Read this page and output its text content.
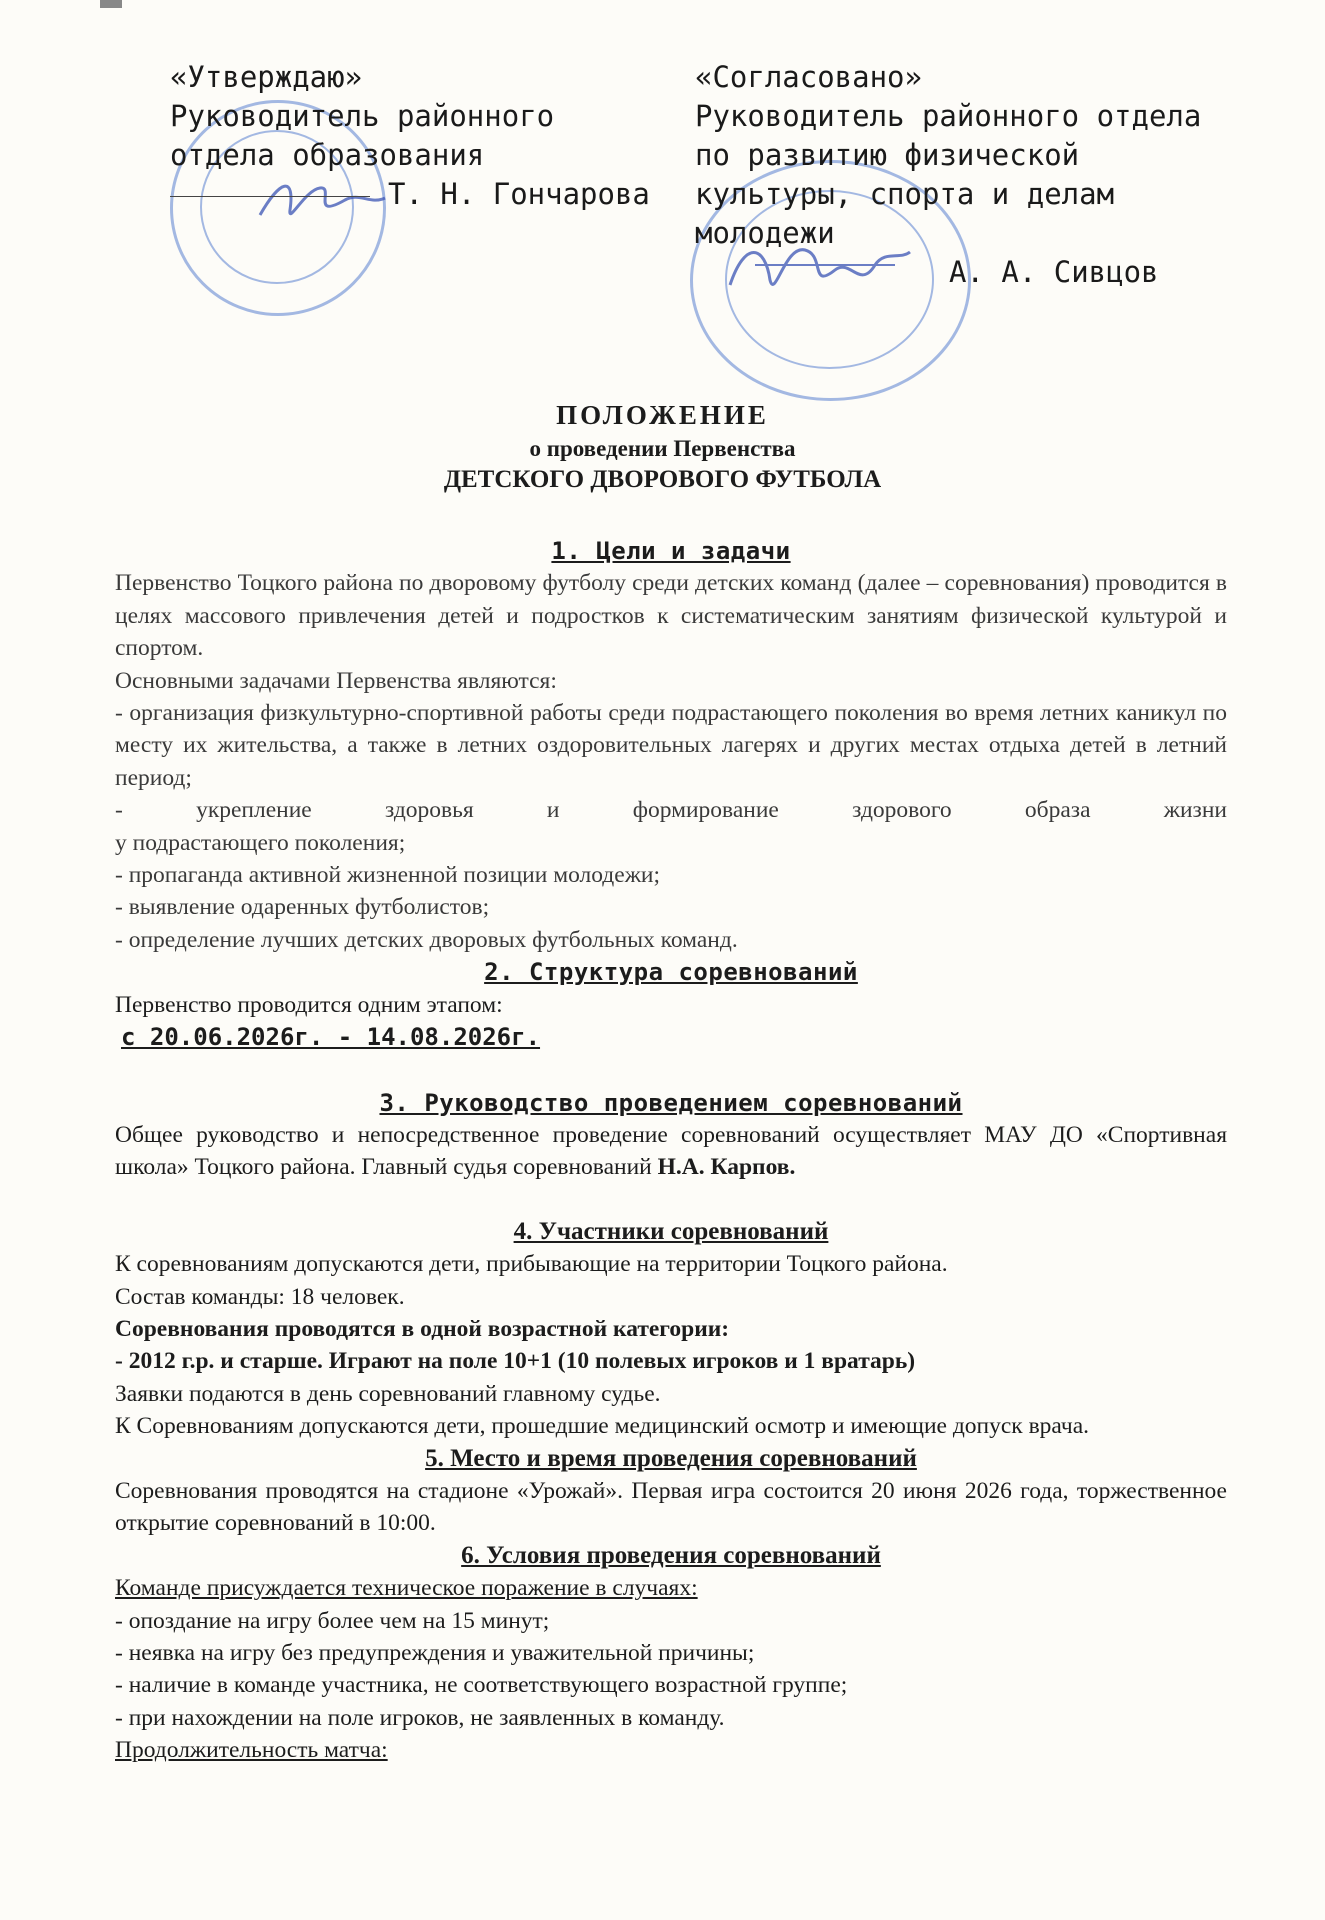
«Утверждаю»
Руководитель районного
отдела образования
Т. Н. Гончарова
«Согласовано»
Руководитель районного отдела
по развитию физической
культуры, спорта и делам
молодежи
А. А. Сивцов
ПОЛОЖЕНИЕ
о проведении Первенства
ДЕТСКОГО ДВОРОВОГО ФУТБОЛА

1. Цели и задачи

Первенство Тоцкого района по дворовому футболу среди детских команд (далее – соревнования) проводится в целях массового привлечения детей и подростков к систематическим занятиям физической культурой и спортом.

Основными задачами Первенства являются:

- организация физкультурно-спортивной работы среди подрастающего поколения во время летних каникул по месту их жительства, а также в летних оздоровительных лагерях и других местах отдыха детей в летний период;

- укрепление здоровья и формирование здорового образа жизни

у подрастающего поколения;

- пропаганда активной жизненной позиции молодежи;

- выявление одаренных футболистов;

- определение лучших детских дворовых футбольных команд.

2. Структура соревнований

Первенство проводится одним этапом:

с 20.06.2026г. - 14.08.2026г.

3. Руководство проведением соревнований

Общее руководство и непосредственное проведение соревнований осуществляет МАУ ДО «Спортивная школа» Тоцкого района. Главный судья соревнований Н.А. Карпов.

4. Участники соревнований

К соревнованиям допускаются дети, прибывающие на территории Тоцкого района.

Состав команды: 18 человек.

Соревнования проводятся в одной возрастной категории:

- 2012 г.р. и старше. Играют на поле 10+1 (10 полевых игроков и 1 вратарь)

Заявки подаются в день соревнований главному судье.

К Соревнованиям допускаются дети, прошедшие медицинский осмотр и имеющие допуск врача.

5. Место и время проведения соревнований

Соревнования проводятся на стадионе «Урожай». Первая игра состоится 20 июня 2026 года, торжественное открытие соревнований в 10:00.

6. Условия проведения соревнований

Команде присуждается техническое поражение в случаях:

- опоздание на игру более чем на 15 минут;

- неявка на игру без предупреждения и уважительной причины;

- наличие в команде участника, не соответствующего возрастной группе;

- при нахождении на поле игроков, не заявленных в команду.

Продолжительность матча:
